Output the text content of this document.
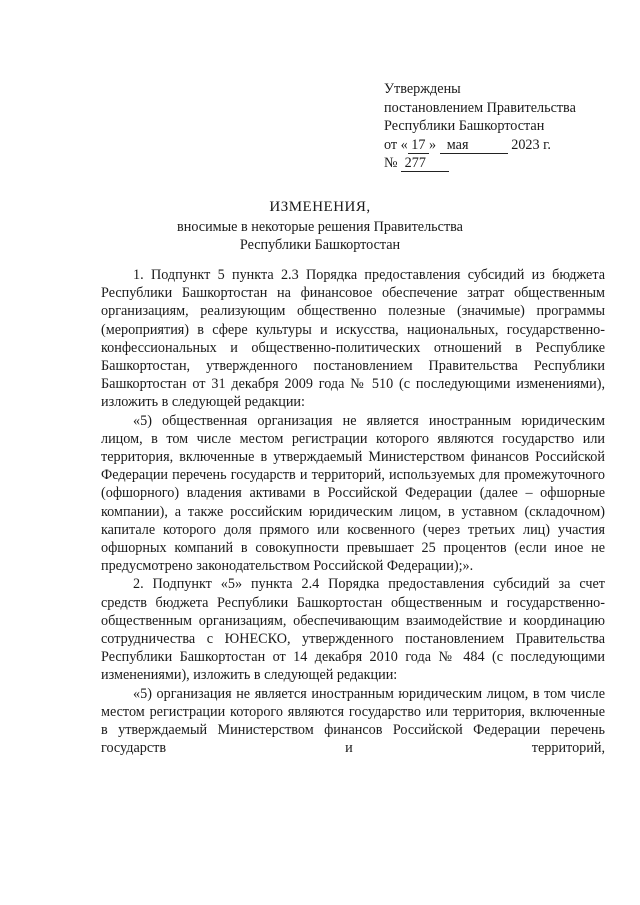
Утверждены
постановлением Правительства
Республики Башкортостан
от « 17 »   мая       2023 г.
№  277
ИЗМЕНЕНИЯ,
вносимые в некоторые решения Правительства
Республики Башкортостан

1. Подпункт 5 пункта 2.3 Порядка предоставления субсидий из бюджета Республики Башкортостан на финансовое обеспечение затрат общественным организациям, реализующим общественно полезные (значимые) программы (мероприятия) в сфере культуры и искусства, национальных, государственно-конфессиональных и общественно-политических отношений в Республике Башкортостан, утвержденного постановлением Правительства Республики Башкортостан от 31 декабря 2009 года № 510 (с последующими изменениями), изложить в следующей редакции:

«5) общественная организация не является иностранным юридическим лицом, в том числе местом регистрации которого являются государство или территория, включенные в утверждаемый Министерством финансов Российской Федерации перечень государств и территорий, используемых для промежуточного (офшорного) владения активами в Российской Федерации (далее – офшорные компании), а также российским юридическим лицом, в уставном (складочном) капитале которого доля прямого или косвенного (через третьих лиц) участия офшорных компаний в совокупности превышает 25 процентов (если иное не предусмотрено законодательством Российской Федерации);».

2. Подпункт «5» пункта 2.4 Порядка предоставления субсидий за счет средств бюджета Республики Башкортостан общественным и государственно-общественным организациям, обеспечивающим взаимодействие и координацию сотрудничества с ЮНЕСКО, утвержденного постановлением Правительства Республики Башкортостан от 14 декабря 2010 года № 484 (с последующими изменениями), изложить в следующей редакции:

«5) организация не является иностранным юридическим лицом, в том числе местом регистрации которого являются государство или территория, включенные в утверждаемый Министерством финансов Российской Федерации перечень государств и территорий,
